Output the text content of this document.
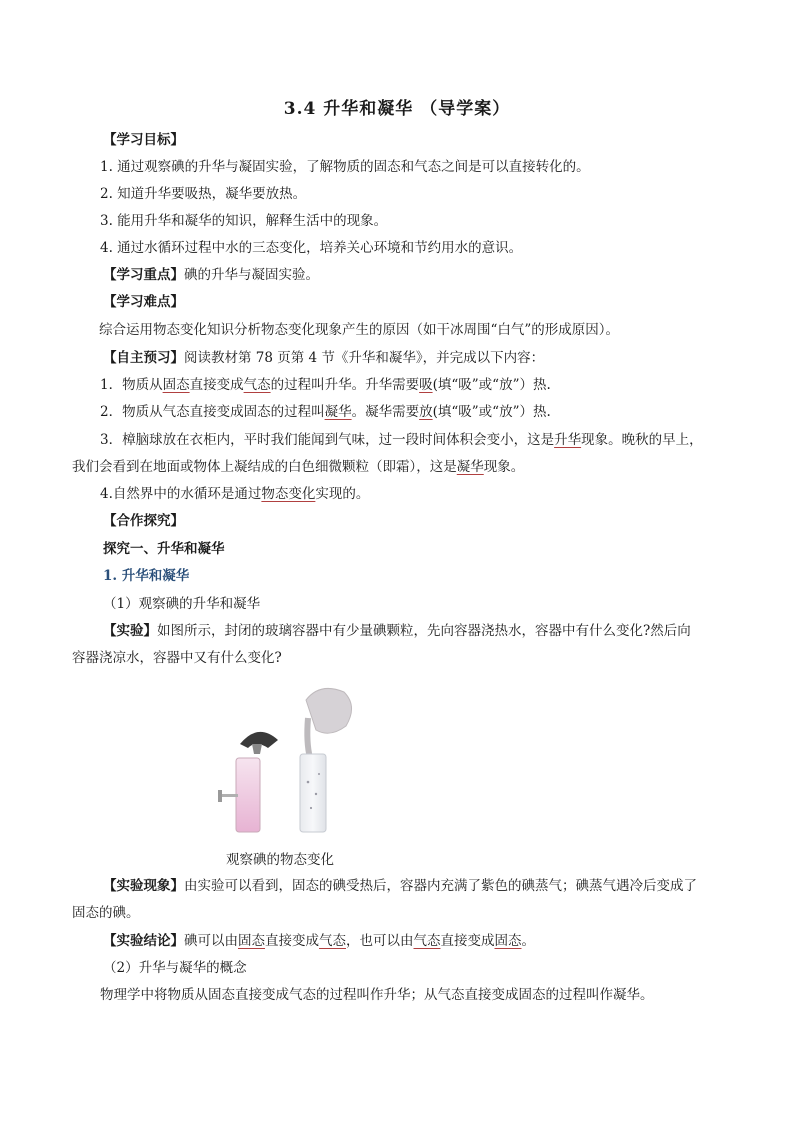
3.4 升华和凝华 （导学案）
【学习目标】
1. 通过观察碘的升华与凝固实验，了解物质的固态和气态之间是可以直接转化的。
2. 知道升华要吸热，凝华要放热。
3. 能用升华和凝华的知识，解释生活中的现象。
4. 通过水循环过程中水的三态变化，培养关心环境和节约用水的意识。
【学习重点】碘的升华与凝固实验。
【学习难点】
综合运用物态变化知识分析物态变化现象产生的原因（如干冰周围“白气”的形成原因）。
【自主预习】阅读教材第 78 页第 4 节《升华和凝华》，并完成以下内容：
1．物质从固态直接变成气态的过程叫升华。升华需要吸(填“吸”或“放”）热.
2．物质从气态直接变成固态的过程叫凝华。凝华需要放(填“吸”或“放”）热.
3．樟脑球放在衣柜内，平时我们能闻到气味，过一段时间体积会变小，这是升华现象。晚秋的早上，
我们会看到在地面或物体上凝结成的白色细微颗粒（即霜），这是凝华现象。
4.自然界中的水循环是通过物态变化实现的。
【合作探究】
探究一、升华和凝华
1. 升华和凝华
（1）观察碘的升华和凝华
【实验】如图所示，封闭的玻璃容器中有少量碘颗粒，先向容器浇热水，容器中有什么变化?然后向
容器浇凉水，容器中又有什么变化?
观察碘的物态变化
【实验现象】由实验可以看到，固态的碘受热后，容器内充满了紫色的碘蒸气；碘蒸气遇冷后变成了
固态的碘。
【实验结论】碘可以由固态直接变成气态，也可以由气态直接变成固态。
（2）升华与凝华的概念
物理学中将物质从固态直接变成气态的过程叫作升华；从气态直接变成固态的过程叫作凝华。
